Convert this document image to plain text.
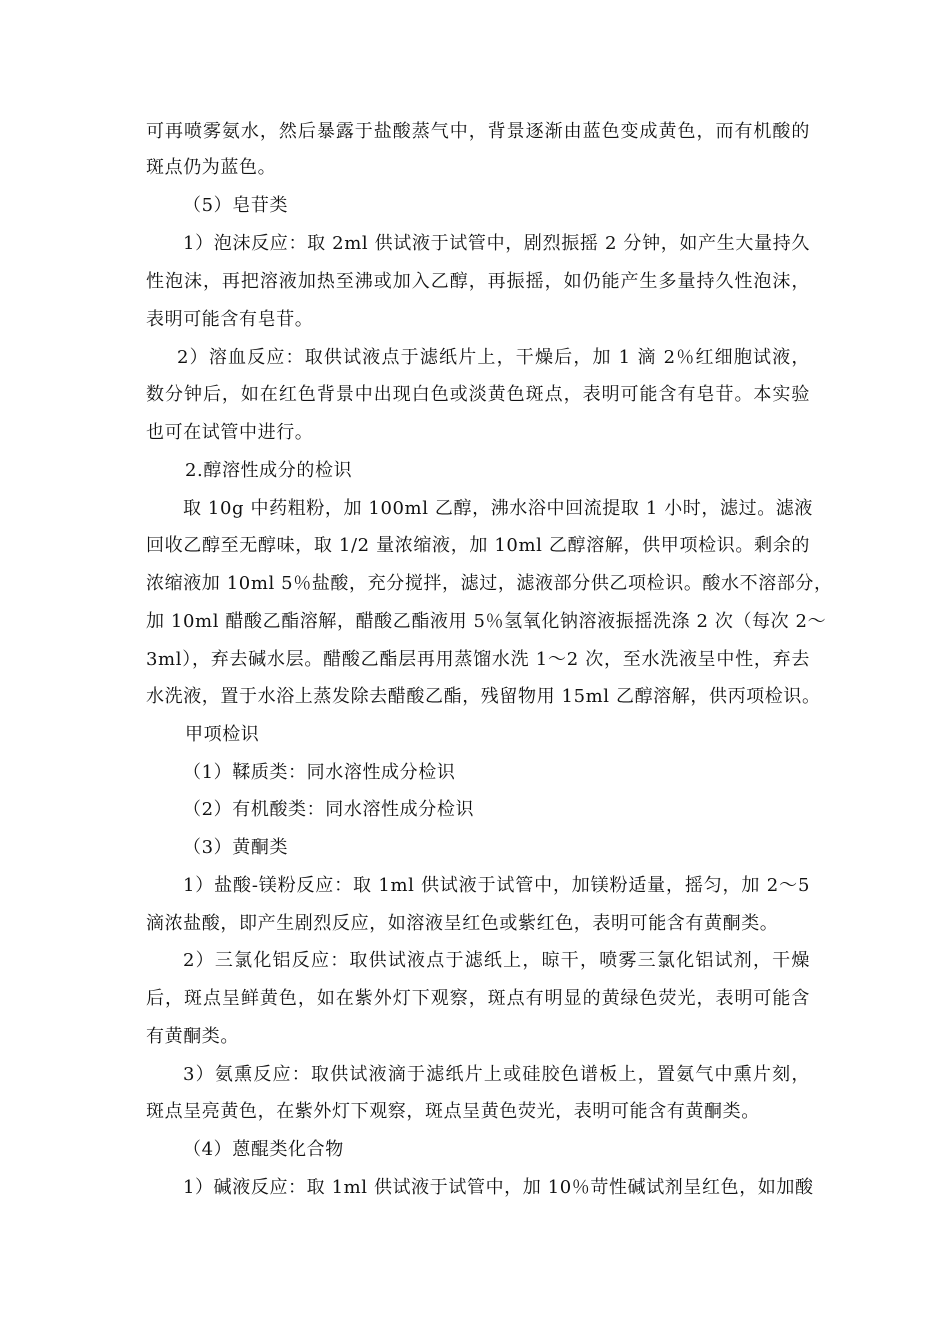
可再喷雾氨水，然后暴露于盐酸蒸气中，背景逐渐由蓝色变成黄色，而有机酸的
斑点仍为蓝色。
（5）皂苷类
1）泡沫反应：取 2ml 供试液于试管中，剧烈振摇 2 分钟，如产生大量持久
性泡沫，再把溶液加热至沸或加入乙醇，再振摇，如仍能产生多量持久性泡沫，
表明可能含有皂苷。
2）溶血反应：取供试液点于滤纸片上，干燥后，加 1 滴 2％红细胞试液，
数分钟后，如在红色背景中出现白色或淡黄色斑点，表明可能含有皂苷。本实验
也可在试管中进行。
2.醇溶性成分的检识
取 10g 中药粗粉，加 100ml 乙醇，沸水浴中回流提取 1 小时，滤过。滤液
回收乙醇至无醇味，取 1/2 量浓缩液，加 10ml 乙醇溶解，供甲项检识。剩余的
浓缩液加 10ml 5％盐酸，充分搅拌，滤过，滤液部分供乙项检识。酸水不溶部分，
加 10ml 醋酸乙酯溶解，醋酸乙酯液用 5％氢氧化钠溶液振摇洗涤 2 次（每次 2～
3ml），弃去碱水层。醋酸乙酯层再用蒸馏水洗 1～2 次，至水洗液呈中性，弃去
水洗液，置于水浴上蒸发除去醋酸乙酯，残留物用 15ml 乙醇溶解，供丙项检识。
甲项检识
（1）鞣质类：同水溶性成分检识
（2）有机酸类：同水溶性成分检识
（3）黄酮类
1）盐酸-镁粉反应：取 1ml 供试液于试管中，加镁粉适量，摇匀，加 2～5
滴浓盐酸，即产生剧烈反应，如溶液呈红色或紫红色，表明可能含有黄酮类。
2）三氯化铝反应：取供试液点于滤纸上，晾干，喷雾三氯化铝试剂，干燥
后，斑点呈鲜黄色，如在紫外灯下观察，斑点有明显的黄绿色荧光，表明可能含
有黄酮类。
3）氨熏反应：取供试液滴于滤纸片上或硅胶色谱板上，置氨气中熏片刻，
斑点呈亮黄色，在紫外灯下观察，斑点呈黄色荧光，表明可能含有黄酮类。
（4）蒽醌类化合物
1）碱液反应：取 1ml 供试液于试管中，加 10％苛性碱试剂呈红色，如加酸
